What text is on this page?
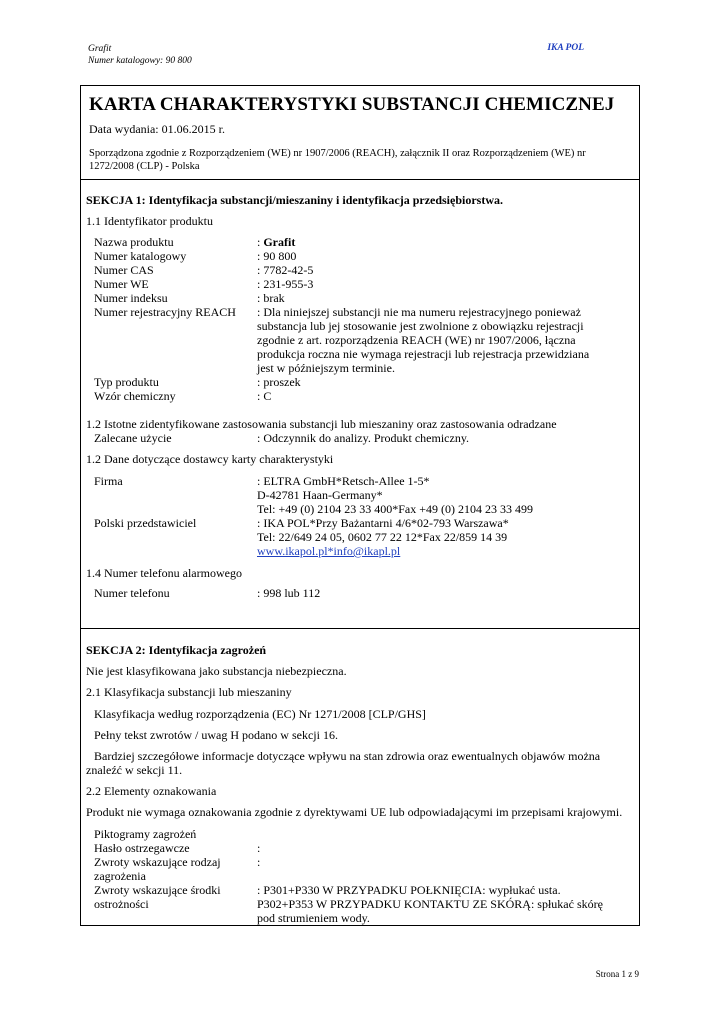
Grafit
Numer katalogowy: 90 800
IKA POL
KARTA CHARAKTERYSTYKI SUBSTANCJI CHEMICZNEJ
Data wydania: 01.06.2015 r.
Sporządzona zgodnie z Rozporządzeniem (WE) nr 1907/2006 (REACH), załącznik II oraz Rozporządzeniem (WE) nr
1272/2008 (CLP) - Polska
SEKCJA 1: Identyfikacja substancji/mieszaniny i identyfikacja przedsiębiorstwa.
1.1 Identyfikator produktu
Nazwa produktu	: Grafit
Numer katalogowy	: 90 800
Numer CAS	: 7782-42-5
Numer WE	: 231-955-3
Numer indeksu	: brak
Numer rejestracyjny REACH : Dla niniejszej substancji nie ma numeru rejestracyjnego ponieważ
substancja lub jej stosowanie jest zwolnione z obowiązku rejestracji
zgodnie z art. rozporządzenia REACH (WE) nr 1907/2006, łączna
produkcja roczna nie wymaga rejestracji lub rejestracja przewidziana
jest w późniejszym terminie.
Typ produktu	: proszek
Wzór chemiczny	: C
1.2 Istotne zidentyfikowane zastosowania substancji lub mieszaniny oraz zastosowania odradzane
Zalecane użycie	: Odczynnik do analizy. Produkt chemiczny.
1.2 Dane dotyczące dostawcy karty charakterystyki
Firma	: ELTRA GmbH*Retsch-Allee 1-5*
D-42781 Haan-Germany*
Tel: +49 (0) 2104 23 33 400*Fax +49 (0) 2104 23 33 499
Polski przedstawiciel	: IKA POL*Przy Bażantarni 4/6*02-793 Warszawa*
Tel: 22/649 24 05, 0602 77 22 12*Fax 22/859 14 39
www.ikapol.pl*info@ikapl.pl
1.4 Numer telefonu alarmowego
Numer telefonu	: 998 lub 112
SEKCJA 2: Identyfikacja zagrożeń
Nie jest klasyfikowana jako substancja niebezpieczna.
2.1 Klasyfikacja substancji lub mieszaniny
Klasyfikacja według rozporządzenia (EC) Nr 1271/2008 [CLP/GHS]
Pełny tekst zwrotów / uwag H podano w sekcji 16.
Bardziej szczegółowe informacje dotyczące wpływu na stan zdrowia oraz ewentualnych objawów można
znaleźć w sekcji 11.
2.2 Elementy oznakowania
Produkt nie wymaga oznakowania zgodnie z dyrektywami UE lub odpowiadającymi im przepisami krajowymi.
Piktogramy zagrożeń
Hasło ostrzegawcze	:
Zwroty wskazujące rodzaj
zagrożenia
:
Zwroty wskazujące środki
ostrożności
: P301+P330 W PRZYPADKU POŁKNIĘCIA: wypłukać usta.
P302+P353 W PRZYPADKU KONTAKTU ZE SKÓRĄ: spłukać skórę
pod strumieniem wody.
Strona 1 z 9
